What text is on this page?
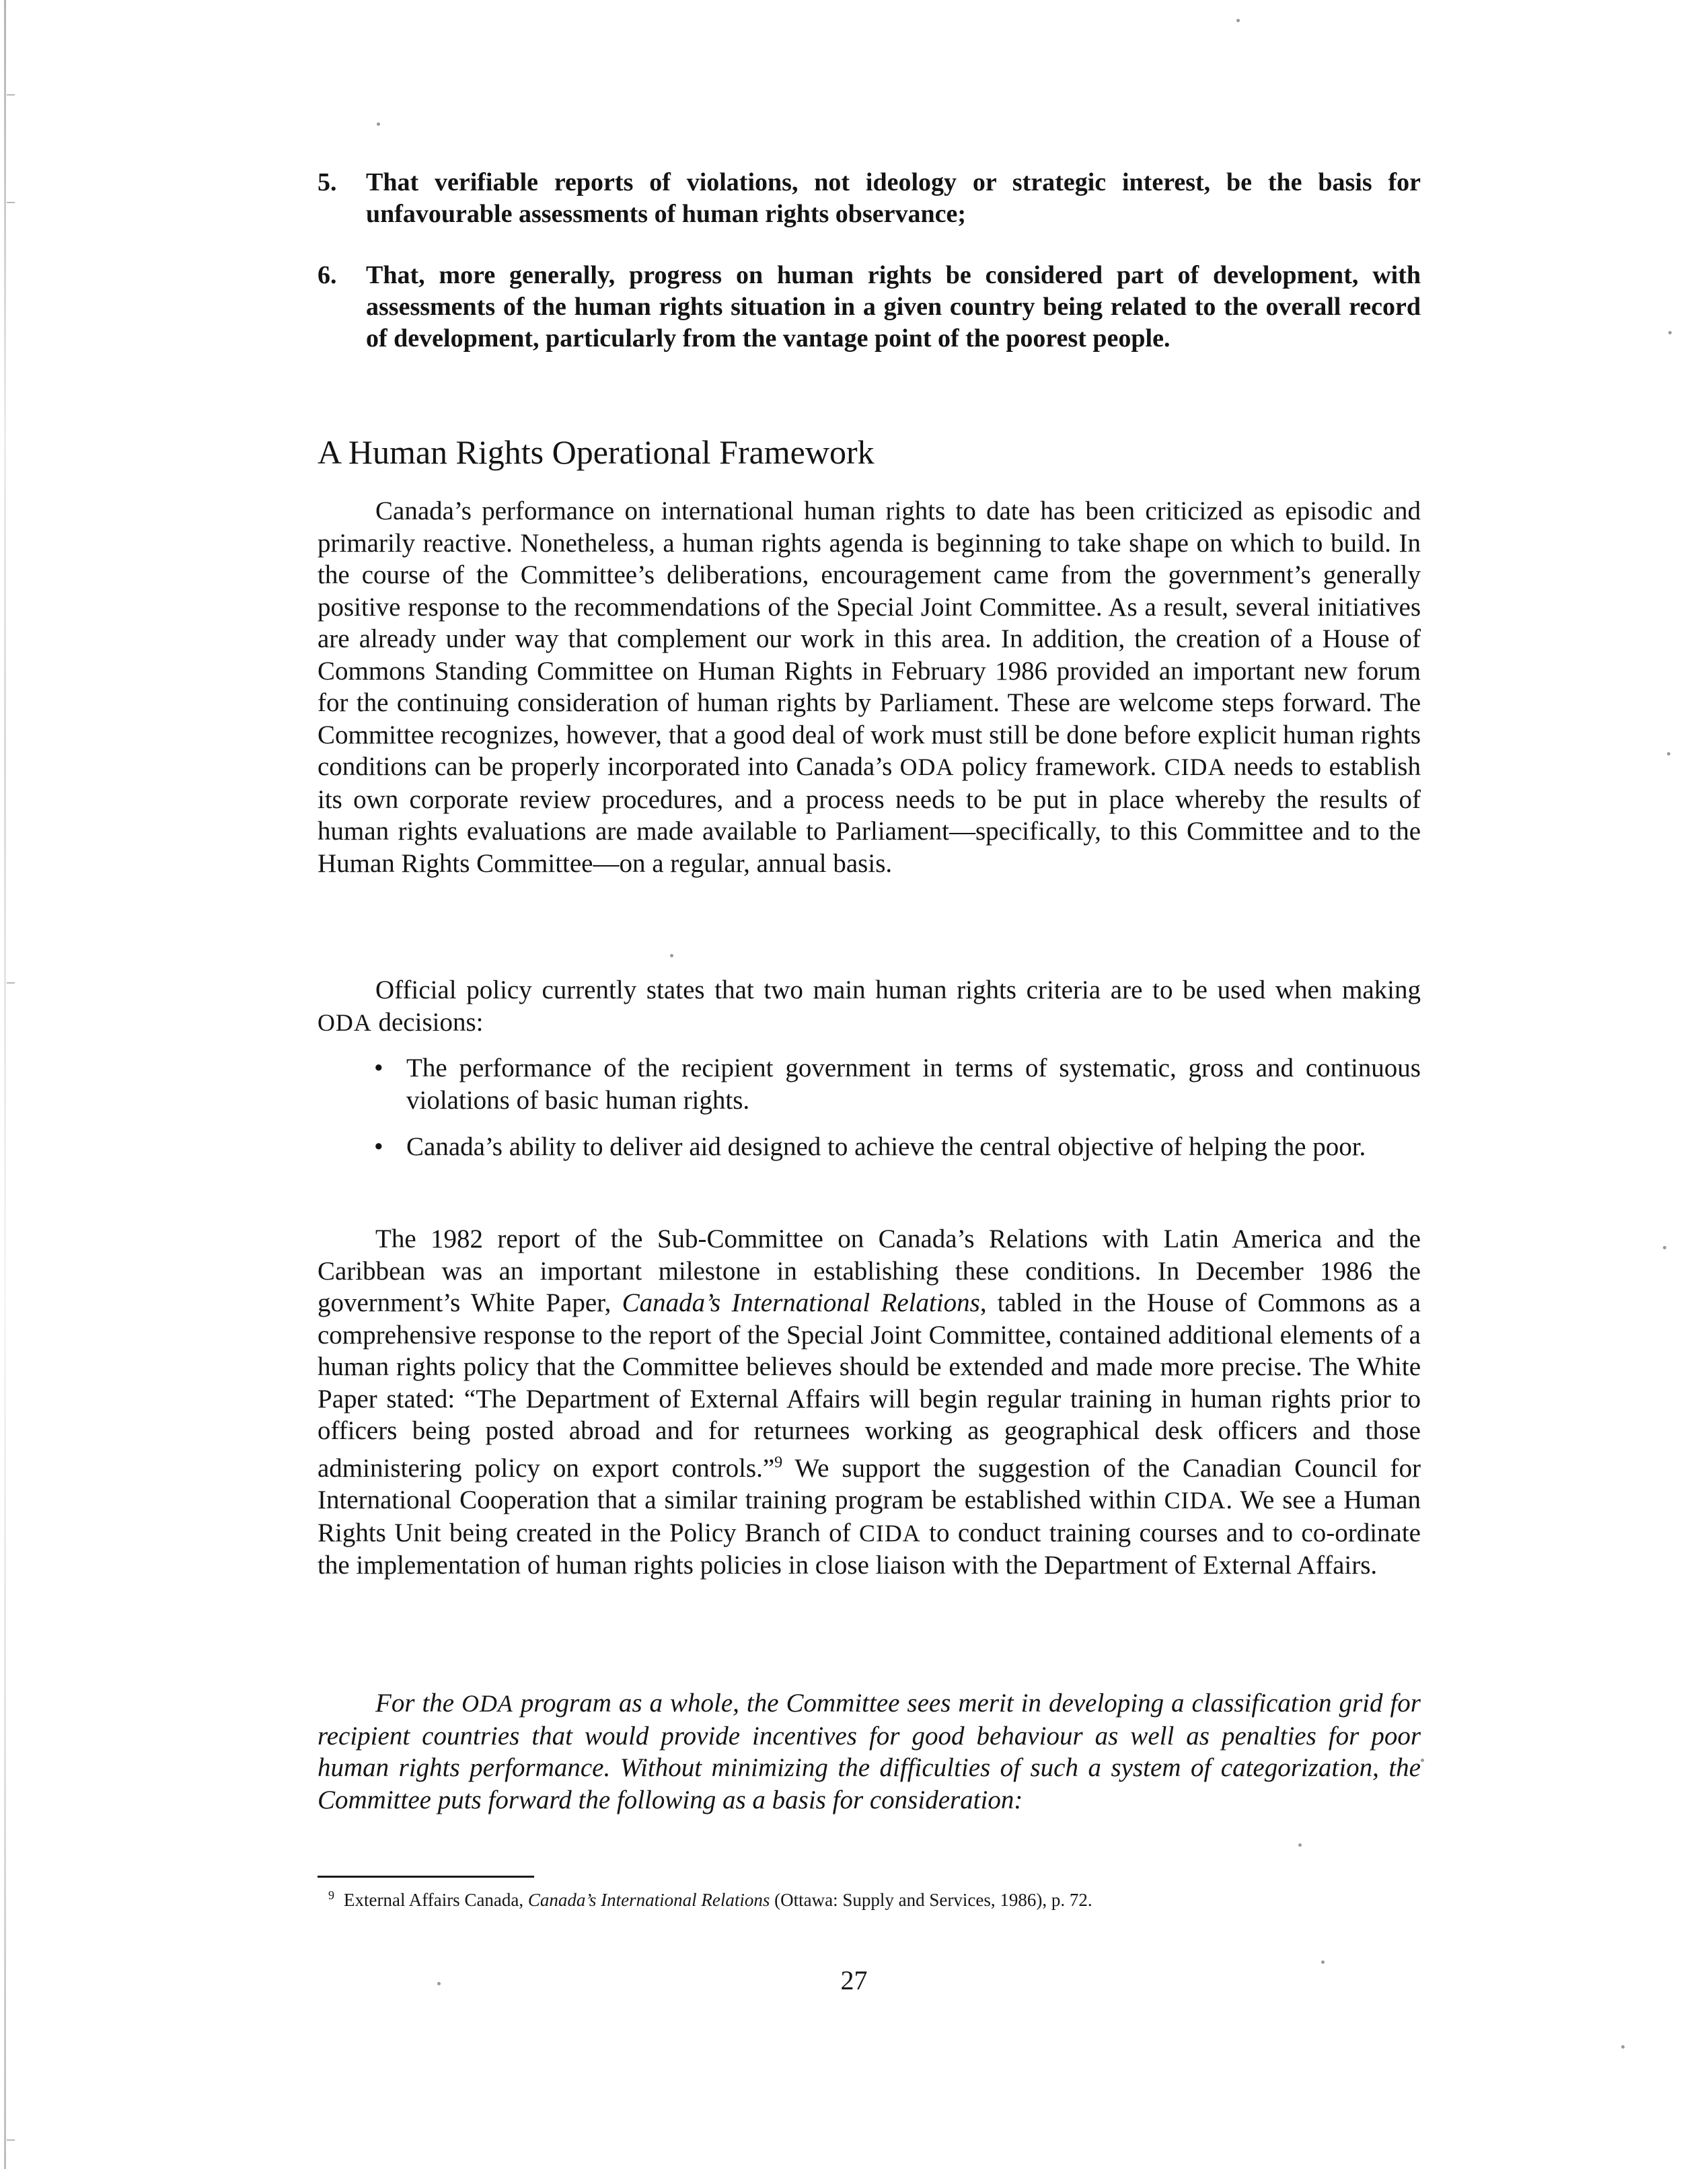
5. That verifiable reports of violations, not ideology or strategic interest, be the basis for unfavourable assessments of human rights observance;
6. That, more generally, progress on human rights be considered part of development, with assessments of the human rights situation in a given country being related to the overall record of development, particularly from the vantage point of the poorest people.
A Human Rights Operational Framework

Canada’s performance on international human rights to date has been criticized as episodic and primarily reactive. Nonetheless, a human rights agenda is beginning to take shape on which to build. In the course of the Committee’s deliberations, encouragement came from the government’s generally positive response to the recommendations of the Special Joint Committee. As a result, several initiatives are already under way that complement our work in this area. In addition, the creation of a House of Commons Standing Committee on Human Rights in February 1986 provided an important new forum for the continuing consideration of human rights by Parliament. These are welcome steps forward. The Committee recognizes, however, that a good deal of work must still be done before explicit human rights conditions can be properly incorporated into Canada’s ODA policy framework. CIDA needs to establish its own corporate review procedures, and a process needs to be put in place whereby the results of human rights evaluations are made available to Parliament—specifically, to this Committee and to the Human Rights Committee—on a regular, annual basis.

Official policy currently states that two main human rights criteria are to be used when making ODA decisions:

• The performance of the recipient government in terms of systematic, gross and continuous violations of basic human rights.
• Canada’s ability to deliver aid designed to achieve the central objective of helping the poor.

The 1982 report of the Sub-Committee on Canada’s Relations with Latin America and the Caribbean was an important milestone in establishing these conditions. In December 1986 the government’s White Paper, Canada’s International Relations, tabled in the House of Commons as a comprehensive response to the report of the Special Joint Committee, contained additional elements of a human rights policy that the Committee believes should be extended and made more precise. The White Paper stated: “The Department of External Affairs will begin regular training in human rights prior to officers being posted abroad and for returnees working as geographical desk officers and those administering policy on export controls.”$^9$ We support the suggestion of the Canadian Council for International Cooperation that a similar training program be established within CIDA. We see a Human Rights Unit being created in the Policy Branch of CIDA to conduct training courses and to co-ordinate the implementation of human rights policies in close liaison with the Department of External Affairs.

For the ODA program as a whole, the Committee sees merit in developing a classification grid for recipient countries that would provide incentives for good behaviour as well as penalties for poor human rights performance. Without minimizing the difficulties of such a system of categorization, the Committee puts forward the following as a basis for consideration:

$^9$ External Affairs Canada, Canada’s International Relations (Ottawa: Supply and Services, 1986), p. 72.
27
